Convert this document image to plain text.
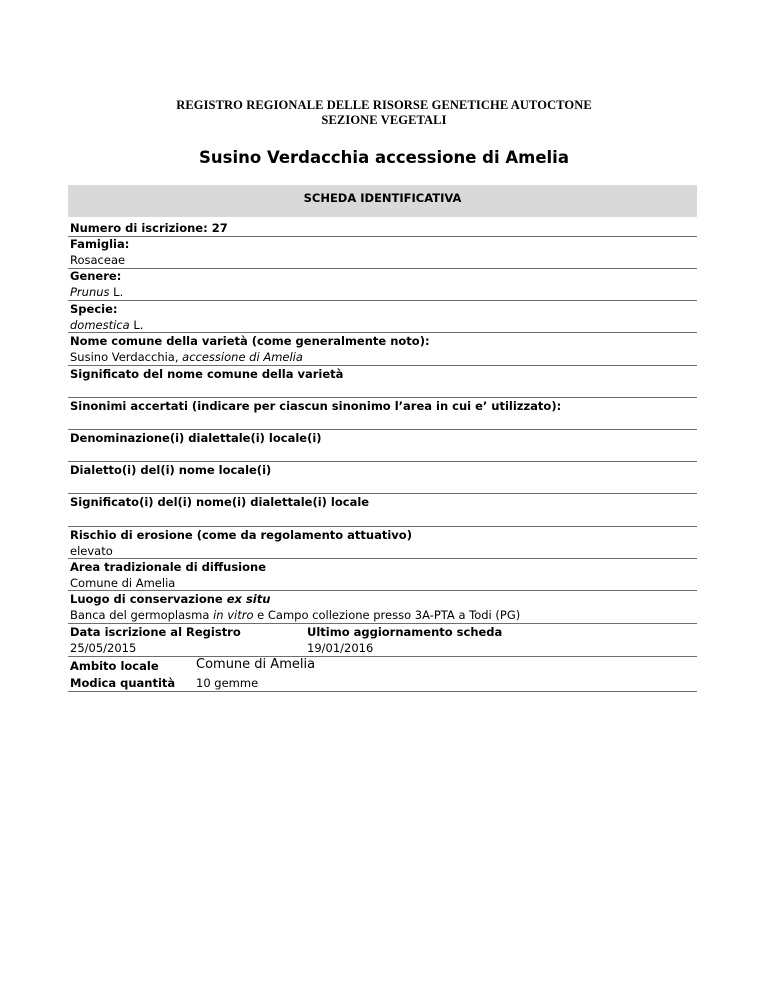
REGISTRO REGIONALE DELLE RISORSE GENETICHE AUTOCTONE
SEZIONE VEGETALI
Susino Verdacchia accessione di Amelia
SCHEDA IDENTIFICATIVA
Numero di iscrizione: 27
Famiglia:
Rosaceae
Genere:
Prunus L.
Specie:
domestica L.
Nome comune della varietà (come generalmente noto):
Susino Verdacchia, accessione di Amelia
Significato del nome comune della varietà
Sinonimi accertati (indicare per ciascun sinonimo l’area in cui e’ utilizzato):
Denominazione(i) dialettale(i) locale(i)
Dialetto(i) del(i) nome locale(i)
Significato(i) del(i) nome(i) dialettale(i) locale
Rischio di erosione (come da regolamento attuativo)
elevato
Area tradizionale di diffusione
Comune di Amelia
Luogo di conservazione ex situ
Banca del germoplasma in vitro e Campo collezione presso 3A-PTA a Todi (PG)
Data iscrizione al Registro	Ultimo aggiornamento scheda
25/05/2015	19/01/2016
Ambito locale	Comune di Amelia
Modica quantità 10 gemme
